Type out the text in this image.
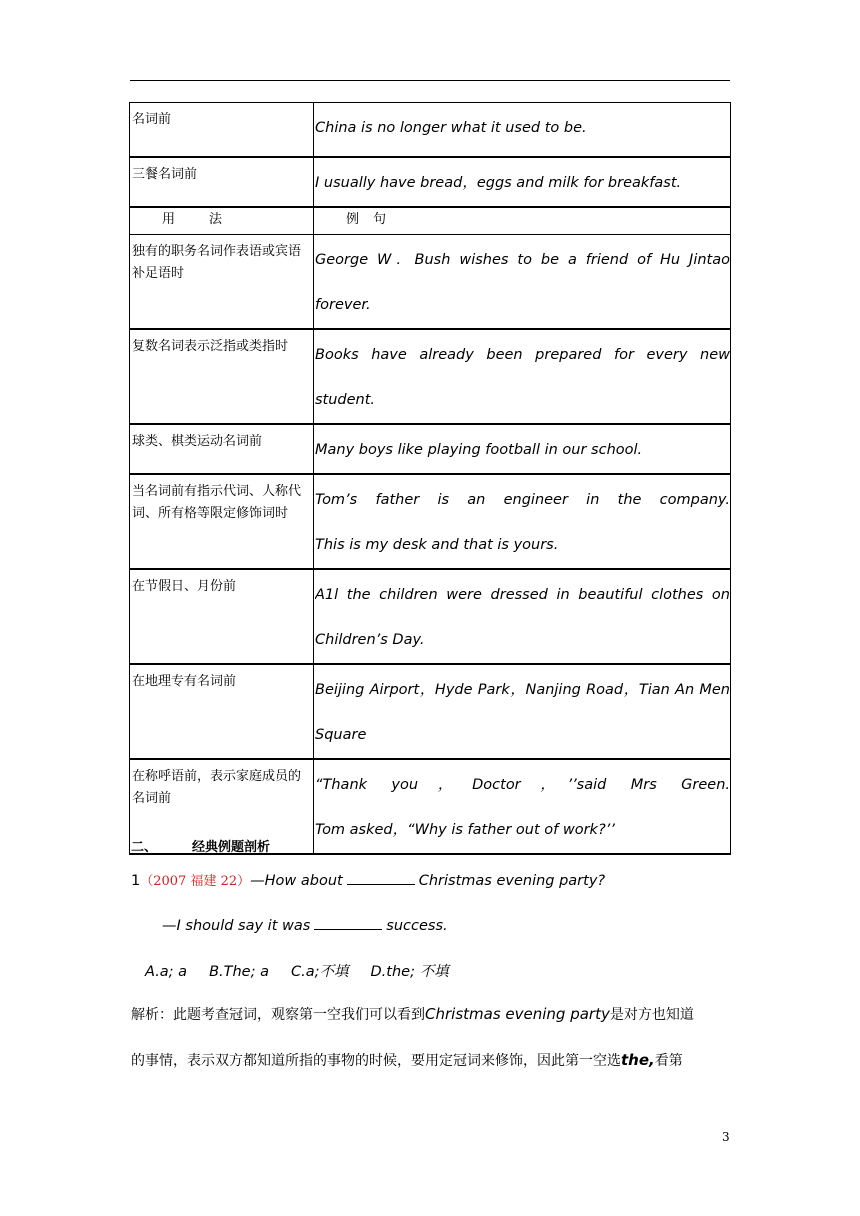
名词前	China is no longer what it used to be.

三餐名词前	I usually have bread，eggs and milk for breakfast.

用法	例句
独有的职务名词作表语或宾语补足语时	George W．Bush wishes to be a friend of Hu Jintao
forever.

复数名词表示泛指或类指时	Books have already been prepared for every new
student.

球类、棋类运动名词前	Many boys like playing football in our school.

当名词前有指示代词、人称代词、所有格等限定修饰词时	Tom’s father is an engineer in the company.
This is my desk and that is yours.

在节假日、月份前	A1l the children were dressed in beautiful clothes on
Children’s Day.

在地理专有名词前	Beijing Airport，Hyde Park，Nanjing Road，Tian An Men
Square

在称呼语前，表示家庭成员的名词前	“Thank you，Doctor，’’said Mrs Green.
Tom asked，“Why is father out of work?’’
二、	经典例题剖析
1（2007 福建 22）—How about	Christmas evening party?
—I should say it was	success.
A.a; a B.The; a C.a;不填 D.the; 不填
解析：此题考查冠词，观察第一空我们可以看到Christmas evening party是对方也知道
的事情，表示双方都知道所指的事物的时候，要用定冠词来修饰，因此第一空选the,看第
3
